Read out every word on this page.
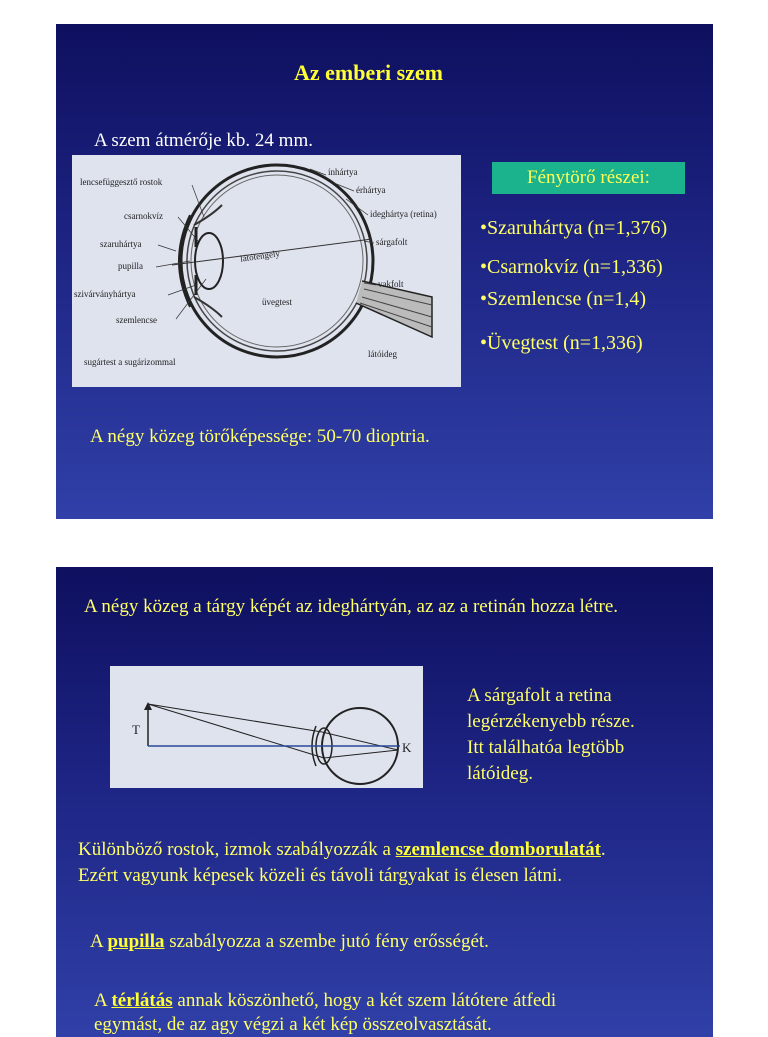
Az emberi szem
A szem átmérője kb. 24 mm.
lencsefüggesztő rostok
csarnokvíz
szaruhártya
pupilla
szivárványhártya
szemlencse
sugártest a sugárizommal
ínhártya
érhártya
ideghártya (retina)
sárgafolt
vakfolt
látóideg
látótengely
üvegtest
Fénytörő részei:
•Szaruhártya (n=1,376)
•Csarnokvíz (n=1,336)
•Szemlencse (n=1,4)
•Üvegtest (n=1,336)
A négy közeg törőképessége: 50-70 dioptria.
A négy közeg a tárgy képét az ideghártyán, az az a retinán hozza létre.
T
K
A sárgafolt a retina
legérzékenyebb része.
Itt találhatóa legtöbb
látóideg.
Különböző rostok, izmok szabályozzák a szemlencse domborulatát.
Ezért vagyunk képesek közeli és távoli tárgyakat is élesen látni.
A pupilla szabályozza a szembe jutó fény erősségét.
A térlátás annak köszönhető, hogy a két szem látótere átfedi
egymást, de az agy végzi a két kép összeolvasztását.
